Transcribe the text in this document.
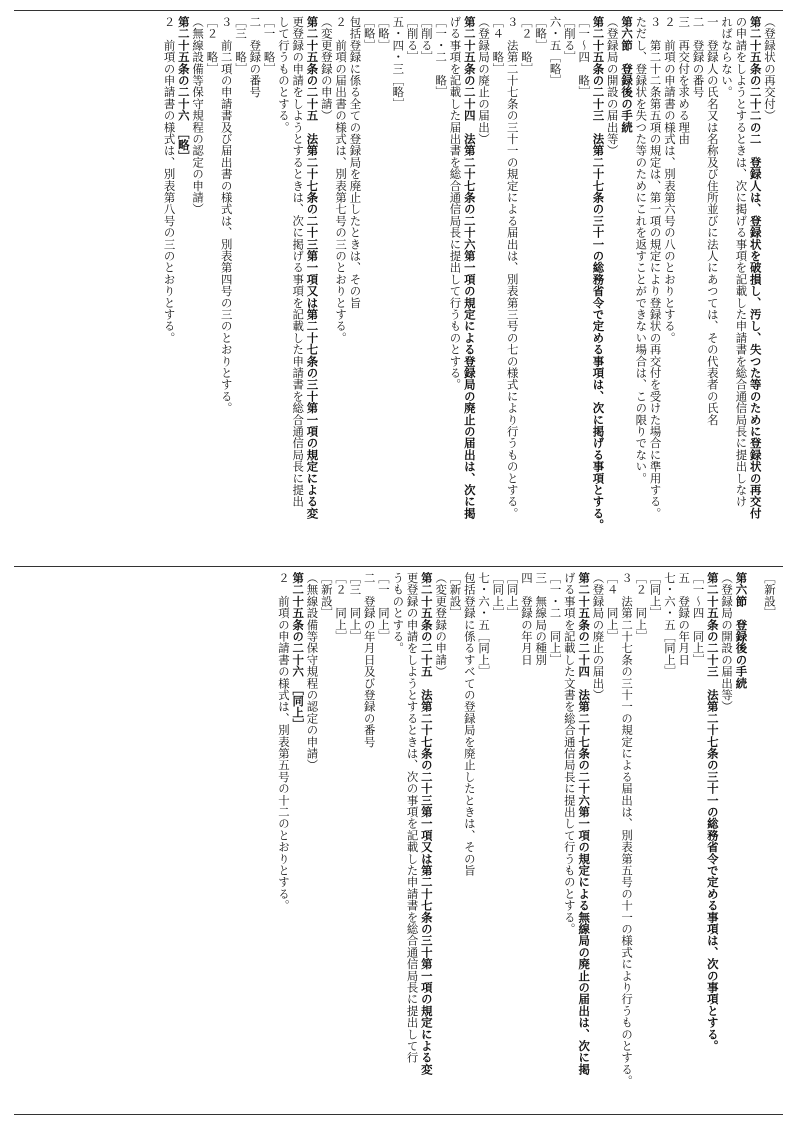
（登録状の再交付）

第二十五条の二十二の二　登録人は、登録状を破損し、汚し、失つた等のために登録状の再交付

の申請をしようとするときは、次に掲げる事項を記載した申請書を総合通信局長に提出しなけ

ればならない。

一　登録人の氏名又は名称及び住所並びに法人にあつては、その代表者の氏名

二　登録の番号

三　再交付を求める理由

２　前項の申請書の様式は、別表第六号の八のとおりとする。

３　第二十二条第五項の規定は、第一項の規定により登録状の再交付を受けた場合に準用する。

ただし、登録状を失つた等のためにこれを返すことができない場合は、この限りでない。

第六節　登録後の手続

（登録局の開設の届出等）

第二十五条の二十三　法第二十七条の三十一の総務省令で定める事項は、次に掲げる事項とする。

［一～四　略］

［削る］

六・五［略］

［略］

［２　略］

３　法第二十七条の三十一の規定による届出は、別表第三号の七の様式により行うものとする。

［４　略］

（登録局の廃止の届出）

第二十五条の二十四　法第二十七条の二十六第一項の規定による登録局の廃止の届出は、次に掲

げる事項を記載した届出書を総合通信局長に提出して行うものとする。

［一・二　略］

［削る］

［削る］

五・四・三［略］

［略］

［略］

包括登録に係る全ての登録局を廃止したときは、その旨

２　前項の届出書の様式は、別表第七号の三のとおりとする。

（変更登録の申請）

第二十五条の二十五　法第二十七条の二十三第一項又は第二十七条の三十第一項の規定による変

更登録の申請をしようとするときは、次に掲げる事項を記載した申請書を総合通信局長に提出

して行うものとする。

［一　略］

二　登録の番号

［三　略］

３　前二項の申請書及び届出書の様式は、別表第四号の三のとおりとする。

［２　略］

（無線設備等保守規程の認定の申請）

第二十五条の二十六　［略］

２　前項の申請書の様式は、別表第八号の三のとおりとする。

［新設］

第六節　登録後の手続

（登録局の開設の届出等）

第二十五条の二十三　法第二十七条の三十一の総務省令で定める事項は、次の事項とする。

［一～四　同上］

五　登録の年月日

七・六・五［同上］

［同上］

［２　同上］

３　法第二十七条の三十一の規定による届出は、別表第五号の十一の様式により行うものとする。

［４　同上］

（登録局の廃止の届出）

第二十五条の二十四　法第二十七条の二十六第一項の規定による無線局の廃止の届出は、次に掲

げる事項を記載した文書を総合通信局長に提出して行うものとする。

［一・二　同上］

三　無線局の種別

四　登録の年月日

［同上］

［同上］

七・六・五［同上］

包括登録に係るすべての登録局を廃止したときは、その旨

［新設］

（変更登録の申請）

第二十五条の二十五　法第二十七条の二十三第一項又は第二十七条の三十第一項の規定による変

更登録の申請をしようとするときは、次の事項を記載した申請書を総合通信局長に提出して行

うものとする。

［一　同上］

二　登録の年月日及び登録の番号

［三　同上］

［２　同上］

［新設］

（無線設備等保守規程の認定の申請）

第二十五条の二十六　［同上］

２　前項の申請書の様式は、別表第五号の十二のとおりとする。
